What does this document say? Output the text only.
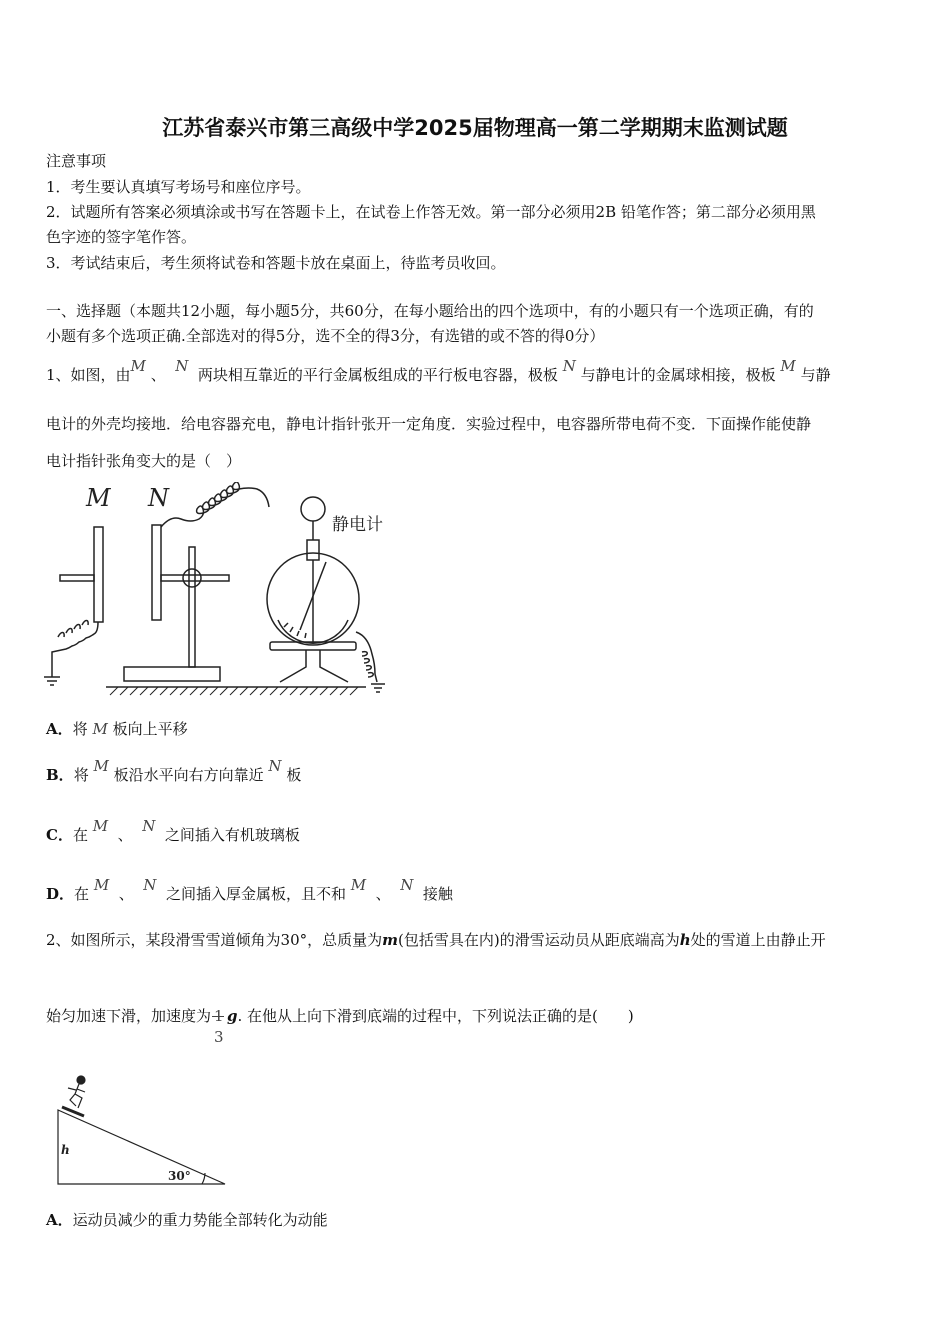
江苏省泰兴市第三高级中学2025届物理高一第二学期期末监测试题
注意事项
1．考生要认真填写考场号和座位序号。
2．试题所有答案必须填涂或书写在答题卡上，在试卷上作答无效。第一部分必须用2B 铅笔作答；第二部分必须用黑
色字迹的签字笔作答。
3．考试结束后，考生须将试卷和答题卡放在桌面上，待监考员收回。
一、选择题（本题共12小题，每小题5分，共60分，在每小题给出的四个选项中，有的小题只有一个选项正确，有的
小题有多个选项正确.全部选对的得5分，选不全的得3分，有选错的或不答的得0分）
1、如图，由M 、 N 两块相互靠近的平行金属板组成的平行板电容器，极板 N 与静电计的金属球相接，极板 M 与静
电计的外壳均接地．给电容器充电，静电计指针张开一定角度．实验过程中，电容器所带电荷不变．下面操作能使静
电计指针张角变大的是（　）
M N
静电计
A．将 M 板向上平移
B．将 M 板沿水平向右方向靠近 N 板
C．在 M 、 N 之间插入有机玻璃板
D．在 M 、 N 之间插入厚金属板，且不和 M 、 N 接触
2、如图所示，某段滑雪雪道倾角为30°，总质量为m(包括雪具在内)的滑雪运动员从距底端高为h处的雪道上由静止开
始匀加速下滑，加速度为 1
3
g. 在他从上向下滑到底端的过程中，下列说法正确的是(　　)
h
30°
A．运动员减少的重力势能全部转化为动能
